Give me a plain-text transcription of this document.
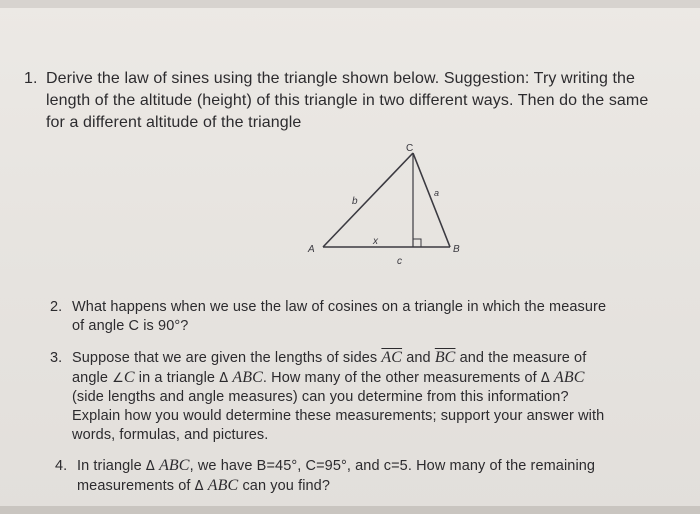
1. Derive the law of sines using the triangle shown below. Suggestion: Try writing the
length of the altitude (height) of this triangle in two different ways. Then do the same
for a different altitude of the triangle
C
A	B
b
a
x
c
2. What happens when we use the law of cosines on a triangle in which the measure
of angle C is 90°?
3. Suppose that we are given the lengths of sides $\overline{AC}$ and $\overline{BC}$ and the measure of
angle ∠C in a triangle Δ ABC. How many of the other measurements of Δ ABC
(side lengths and angle measures) can you determine from this information?
Explain how you would determine these measurements; support your answer with
words, formulas, and pictures.
4. In triangle Δ ABC, we have B=45°, C=95°, and c=5. How many of the remaining
measurements of Δ ABC can you find?
